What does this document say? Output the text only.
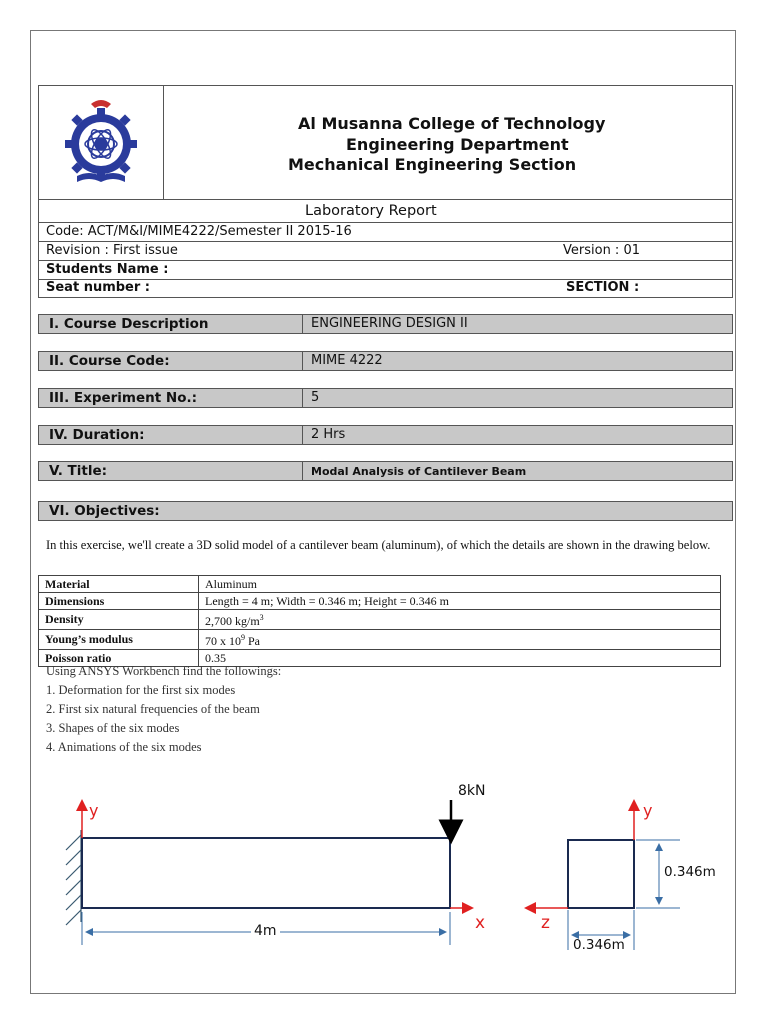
Al Musanna College of Technology
Engineering Department
Mechanical Engineering Section
Laboratory Report
Code: ACT/M&I/MIME4222/Semester II 2015-16
Revision : First issue	Version : 01
Students Name :
Seat number :	SECTION :
I. Course Description	ENGINEERING DESIGN II
II. Course Code:	MIME 4222
III. Experiment No.:	5
IV. Duration:	2 Hrs
V. Title:	Modal Analysis of Cantilever Beam
VI. Objectives:
In this exercise, we'll create a 3D solid model of a cantilever beam (aluminum), of which the details are shown in the drawing below.
Material	Aluminum
Dimensions	Length = 4 m; Width = 0.346 m; Height = 0.346 m
Density	2,700 $kg/m^3$
Young’s modulus	70 x $10^9$ Pa
Poisson ratio	0.35
Using ANSYS Workbench find the followings:
1. Deformation for the first six modes
2. First six natural frequencies of the beam
3. Shapes of the six modes
4. Animations of the six modes
y
8kN
x
4m
y
z
0.346m
0.346m
